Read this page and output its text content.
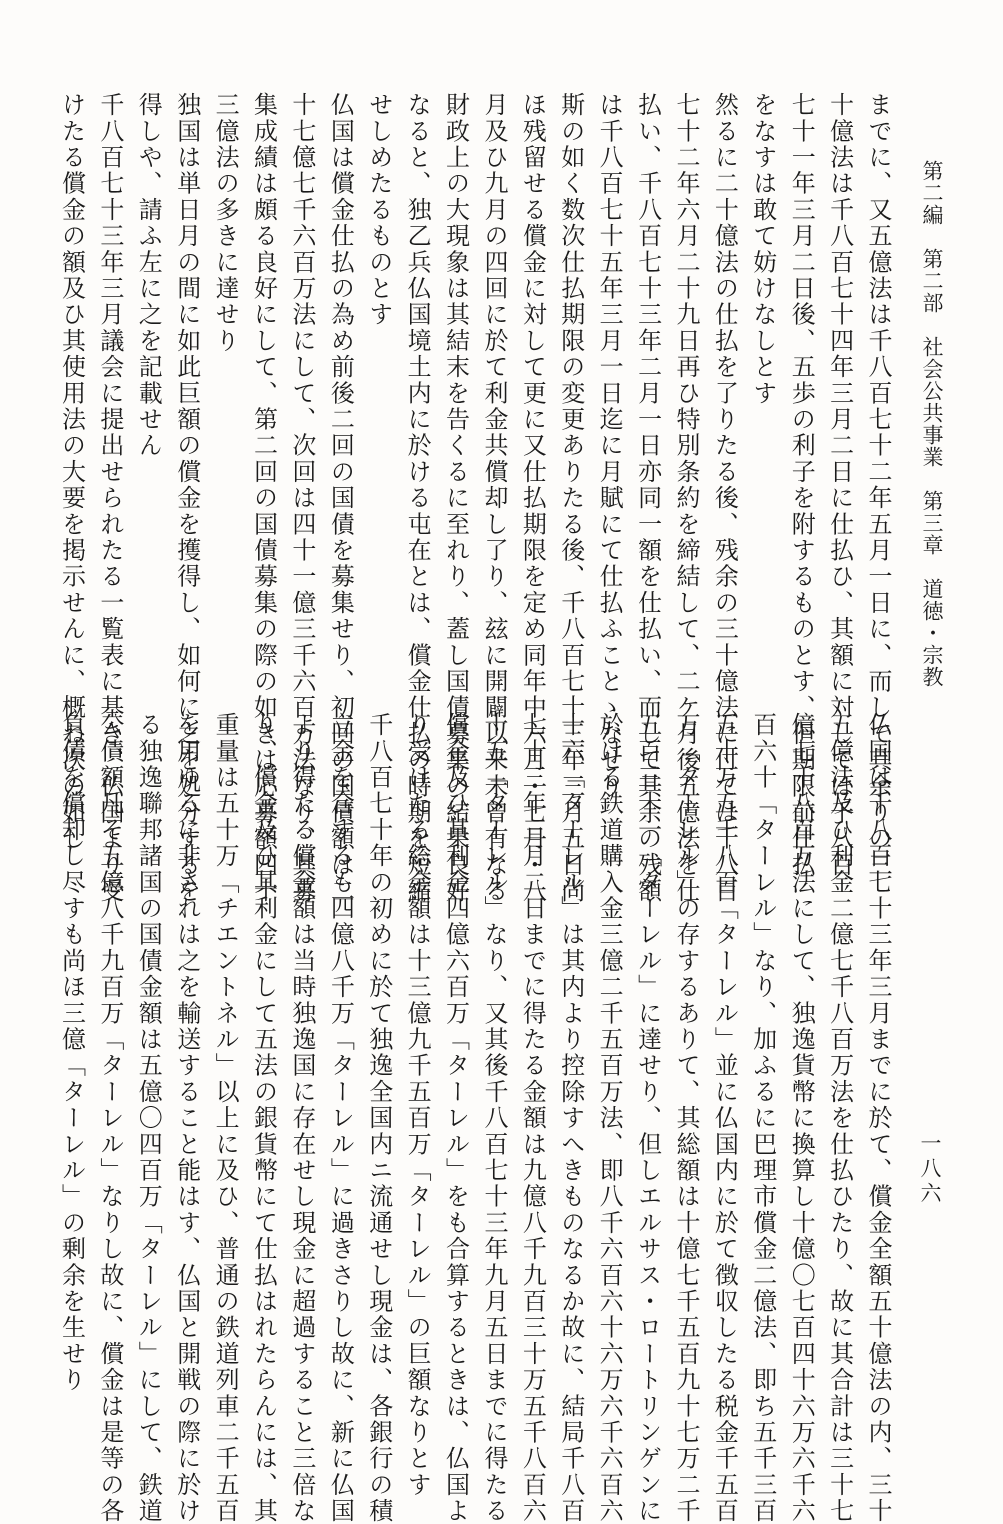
第二編　第二部　社会公共事業　第三章　道徳・宗教
一八六
までに、又五億法は千八百七十二年五月一日に、而して其余りの三
十億法は千八百七十四年三月二日に仕払ひ、其額に対しては千八百
七十一年三月二日後、五歩の利子を附するものとす、但期限前仕払
をなすは敢て妨けなしとす
然るに二十億法の仕払を了りたる後、残余の三十億法に付ては千八百
七十二年六月二十九日再ひ特別条約を締結して、二ケ月後五億法を仕
払い、千八百七十三年二月一日亦同一額を仕払い、而して其余の残額
は千八百七十五年三月一日迄に月賦にて仕払ふことゝなせり
斯の如く数次仕払期限の変更ありたる後、千八百七十三年三月五日尚
ほ残留せる償金に対して更に又仕払期限を定め同年中六月・七月・八
月及ひ九月の四回に於て利金共償却し了り、玆に開闢以来未曾有なる
財政上の大現象は其結末を告くるに至れり、蓋し国債募集の結果良好
なると、独乙兵仏国境土内に於ける屯在とは、償金仕払の時期を短縮
せしめたるものとす
仏国は償金仕払の為め前後二回の国債を募集せり、初回の国債額は二
十七億七千六百万法にして、次回は四十一億三千六百万法なり、其募
集成績は頗る良好にして、第二回の国債募集の際の如きは応募額四十
三億法の多きに達せり
独国は単日月の間に如此巨額の償金を擭得し、如何に之を処分するを
得しや、請ふ左に之を記載せん
千八百七十三年三月議会に提出せられたる一覧表に基き、仏国より受
けたる償金の額及ひ其使用法の大要を掲示せんに、概ね次の如し
仏国は千八百七十三年三月までに於て、償金全額五十億法の内、三十
五億法及ひ利金二億七千八百万法を仕払ひたり、故に其合計は三十七
億七千八百万法にして、独逸貨幣に換算し十億〇七百四十六万六千六
百六十「ターレル」なり、加ふるに巴理市償金二億法、即ち五千三百
五十万五千八百「ターレル」並に仏国内に於て徴収したる税金千五百
万「ターレル」の存するありて、其総額は十億七千五百九十七万二千
五百三十一「ターレル」に達せり、但しエルサス・ロートリンゲンに
於ける鉄道購入金三億二千五百万法、即八千六百六十六万六千六百六
十六「ターレル」は其内より控除すへきものなるか故に、結局千八百
七十三年三月二日までに得たる金額は九億八千九百三十万五千八百六
十五「ターレル」なり、又其後千八百七十三年九月五日までに得たる
償金及ひ其利金四億六百万「ターレル」をも合算するときは、仏国よ
り受けたる総金額は十三億九千五百万「ターレル」の巨額なりとす
千八百七十年の初めに於て独逸全国内ニ流通せし現金は、各銀行の積
立金を合するも四億八千万「ターレル」に過きさりし故に、新に仏国
より得たる償金額は当時独逸国に存在せし現金に超過すること三倍な
り、償金及ひ其利金にして五法の銀貨幣にて仕払はれたらんには、其
重量は五十万「チエントネル」以上に及ひ、普通の鉄道列車二千五百
を用ゆるに非されは之を輸送すること能はす、仏国と開戦の際に於け
る独逸聯邦諸国の国債金額は五億〇四百万「ターレル」にして、鉄道
公債額凡そ五億八千九百万「ターレル」なりし故に、償金は是等の各
負債を償却し尽すも尚ほ三億「ターレル」の剰余を生せり
